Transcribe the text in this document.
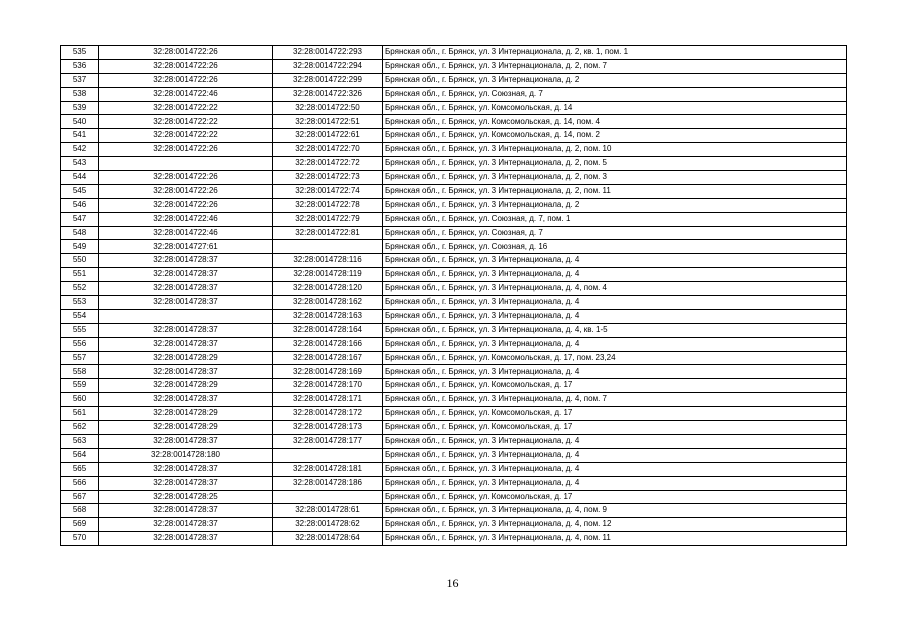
535	32:28:0014722:26	32:28:0014722:293	Брянская обл., г. Брянск, ул. 3 Интернационала, д. 2, кв. 1, пом. 1
536	32:28:0014722:26	32:28:0014722:294	Брянская обл., г. Брянск, ул. 3 Интернационала, д. 2, пом. 7
537	32:28:0014722:26	32:28:0014722:299	Брянская обл., г. Брянск, ул. 3 Интернационала, д. 2
538	32:28:0014722:46	32:28:0014722:326	Брянская обл., г. Брянск, ул. Союзная, д. 7
539	32:28:0014722:22	32:28:0014722:50	Брянская обл., г. Брянск, ул. Комсомольская, д. 14
540	32:28:0014722:22	32:28:0014722:51	Брянская обл., г. Брянск, ул. Комсомольская, д. 14, пом. 4
541	32:28:0014722:22	32:28:0014722:61	Брянская обл., г. Брянск, ул. Комсомольская, д. 14, пом. 2
542	32:28:0014722:26	32:28:0014722:70	Брянская обл., г. Брянск, ул. 3 Интернационала, д. 2, пом. 10
543		32:28:0014722:72	Брянская обл., г. Брянск, ул. 3 Интернационала, д. 2, пом. 5
544	32:28:0014722:26	32:28:0014722:73	Брянская обл., г. Брянск, ул. 3 Интернационала, д. 2, пом. 3
545	32:28:0014722:26	32:28:0014722:74	Брянская обл., г. Брянск, ул. 3 Интернационала, д. 2, пом. 11
546	32:28:0014722:26	32:28:0014722:78	Брянская обл., г. Брянск, ул. 3 Интернационала, д. 2
547	32:28:0014722:46	32:28:0014722:79	Брянская обл., г. Брянск, ул. Союзная, д. 7, пом. 1
548	32:28:0014722:46	32:28:0014722:81	Брянская обл., г. Брянск, ул. Союзная, д. 7
549	32:28:0014727:61		Брянская обл., г. Брянск, ул. Союзная, д. 16
550	32:28:0014728:37	32:28:0014728:116	Брянская обл., г. Брянск, ул. 3 Интернационала, д. 4
551	32:28:0014728:37	32:28:0014728:119	Брянская обл., г. Брянск, ул. 3 Интернационала, д. 4
552	32:28:0014728:37	32:28:0014728:120	Брянская обл., г. Брянск, ул. 3 Интернационала, д. 4, пом. 4
553	32:28:0014728:37	32:28:0014728:162	Брянская обл., г. Брянск, ул. 3 Интернационала, д. 4
554		32:28:0014728:163	Брянская обл., г. Брянск, ул. 3 Интернационала, д. 4
555	32:28:0014728:37	32:28:0014728:164	Брянская обл., г. Брянск, ул. 3 Интернационала, д. 4, кв. 1-5
556	32:28:0014728:37	32:28:0014728:166	Брянская обл., г. Брянск, ул. 3 Интернационала, д. 4
557	32:28:0014728:29	32:28:0014728:167	Брянская обл., г. Брянск, ул. Комсомольская, д. 17, пом. 23,24
558	32:28:0014728:37	32:28:0014728:169	Брянская обл., г. Брянск, ул. 3 Интернационала, д. 4
559	32:28:0014728:29	32:28:0014728:170	Брянская обл., г. Брянск, ул. Комсомольская, д. 17
560	32:28:0014728:37	32:28:0014728:171	Брянская обл., г. Брянск, ул. 3 Интернационала, д. 4, пом. 7
561	32:28:0014728:29	32:28:0014728:172	Брянская обл., г. Брянск, ул. Комсомольская, д. 17
562	32:28:0014728:29	32:28:0014728:173	Брянская обл., г. Брянск, ул. Комсомольская, д. 17
563	32:28:0014728:37	32:28:0014728:177	Брянская обл., г. Брянск, ул. 3 Интернационала, д. 4
564	32:28:0014728:180		Брянская обл., г. Брянск, ул. 3 Интернационала, д. 4
565	32:28:0014728:37	32:28:0014728:181	Брянская обл., г. Брянск, ул. 3 Интернационала, д. 4
566	32:28:0014728:37	32:28:0014728:186	Брянская обл., г. Брянск, ул. 3 Интернационала, д. 4
567	32:28:0014728:25		Брянская обл., г. Брянск, ул. Комсомольская, д. 17
568	32:28:0014728:37	32:28:0014728:61	Брянская обл., г. Брянск, ул. 3 Интернационала, д. 4, пом. 9
569	32:28:0014728:37	32:28:0014728:62	Брянская обл., г. Брянск, ул. 3 Интернационала, д. 4, пом. 12
570	32:28:0014728:37	32:28:0014728:64	Брянская обл., г. Брянск, ул. 3 Интернационала, д. 4, пом. 11
16
